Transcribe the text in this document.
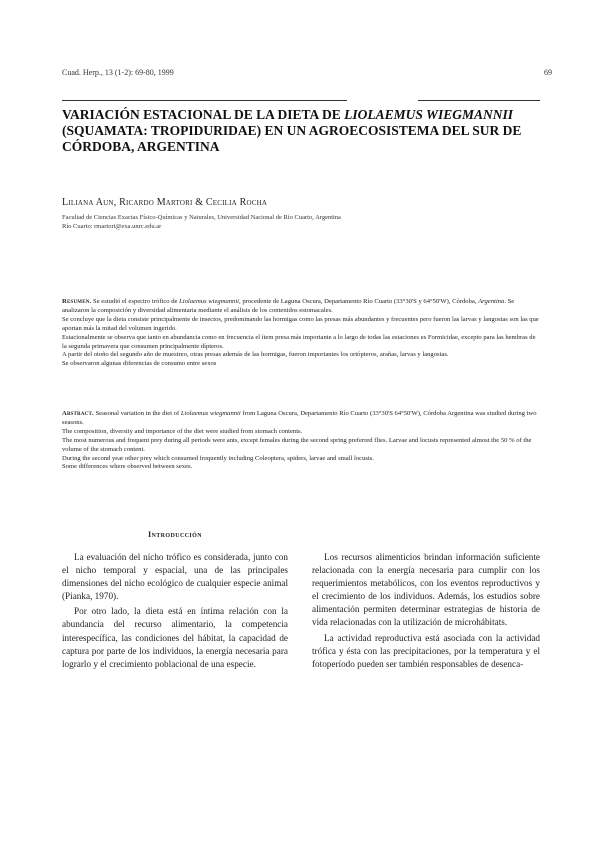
Cuad. Herp., 13 (1-2): 69-80, 1999	69
VARIACIÓN ESTACIONAL DE LA DIETA DE LIOLAEMUS WIEGMANNII (SQUAMATA: TROPIDURIDAE) EN UN AGROECOSISTEMA DEL SUR DE CÓRDOBA, ARGENTINA
Liliana Aun, Ricardo Martori & Cecilia Rocha
Facultad de Ciencias Exactas Físico-Químicas y Naturales, Universidad Nacional de Río Cuarto, Argentina
Río Cuarto: rmartori@exa.unrc.edu.ar

Resumen. Se estudió el espectro trófico de Liolaemus wiegmannii, procedente de Laguna Oscura, Departamento Río Cuarto (33°30'S y 64°50'W), Córdoba, Argentina. Se analizaron la composición y diversidad alimentaria mediante el análisis de los contenidos estomacales.

Se concluye que la dieta consiste principalmente de insectos, predominando las hormigas como las presas más abundantes y frecuentes pero fueron las larvas y langostas son las que aportan más la mitad del volumen ingerido.

Estacionalmente se observa que tanto en abundancia como en frecuencia el ítem presa más importante a lo largo de todas las estaciones es Formicidae, excepto para las hembras de la segunda primavera que consumen principalmente dípteros.

A partir del otoño del segundo año de muestreo, otras presas además de las hormigas, fueron importantes los ortópteros, arañas, larvas y langostas.

Se observaron algunas diferencias de consumo entre sexos

Abstract. Seasonal variation in the diet of Liolaemus wiegmannii from Laguna Oscura, Departamento Río Cuarto (33°30'S 64°50'W), Córdoba Argentina was studied during two seasons.

The composition, diversity and importance of the diet were studied from stomach contents.

The most numerous and frequent prey during all periods were ants, except females during the second spring preferred flies. Larvae and locusts represented almost the 50 % of the volume of the stomach content.

During the second year other prey which consumed frequently including Coleoptera, spiders, larvae and small locusts.

Some differences where observed between sexes.

Introducción

La evaluación del nicho trófico es considerada, junto con el nicho temporal y espacial, una de las principales dimensiones del nicho ecológico de cualquier especie animal (Pianka, 1970).

Por otro lado, la dieta está en íntima relación con la abundancia del recurso alimentario, la competencia interespecífica, las condiciones del hábitat, la capacidad de captura por parte de los individuos, la energía necesaria para lograrlo y el crecimiento poblacional de una especie.

Los recursos alimenticios brindan información suficiente relacionada con la energía necesaria para cumplir con los requerimientos metabólicos, con los eventos reproductivos y el crecimiento de los individuos. Además, los estudios sobre alimentación permiten determinar estrategias de historia de vida relacionadas con la utilización de microhábitats.

La actividad reproductiva está asociada con la actividad trófica y ésta con las precipitaciones, por la temperatura y el fotoperíodo pueden ser también responsables de desenca-
